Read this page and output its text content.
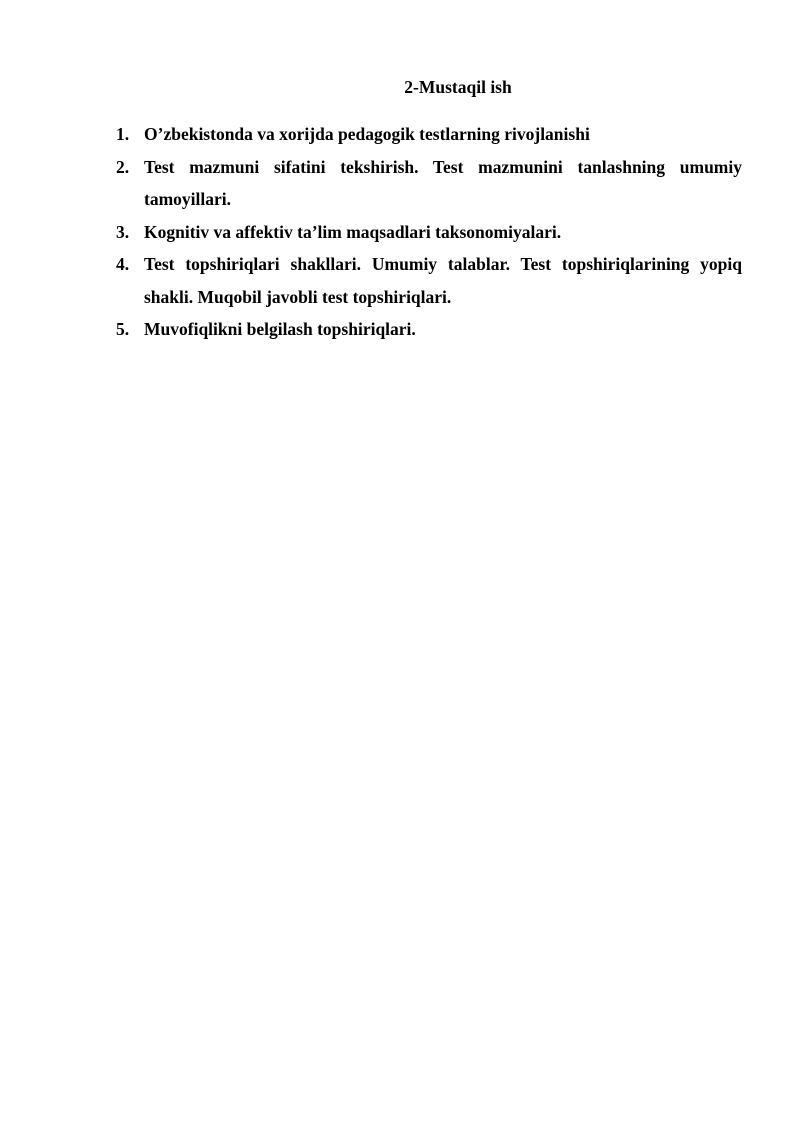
2-Mustaqil ish
1. O’zbekistonda va xorijda pedagogik testlarning rivojlanishi
2. Test mazmuni sifatini tekshirish. Test mazmunini tanlashning umumiy tamoyillari.
3. Kognitiv va affektiv ta’lim maqsadlari taksonomiyalari.
4. Test topshiriqlari shakllari. Umumiy talablar. Test topshiriqlarining yopiq shakli. Muqobil javobli test topshiriqlari.
5. Muvofiqlikni belgilash topshiriqlari.
